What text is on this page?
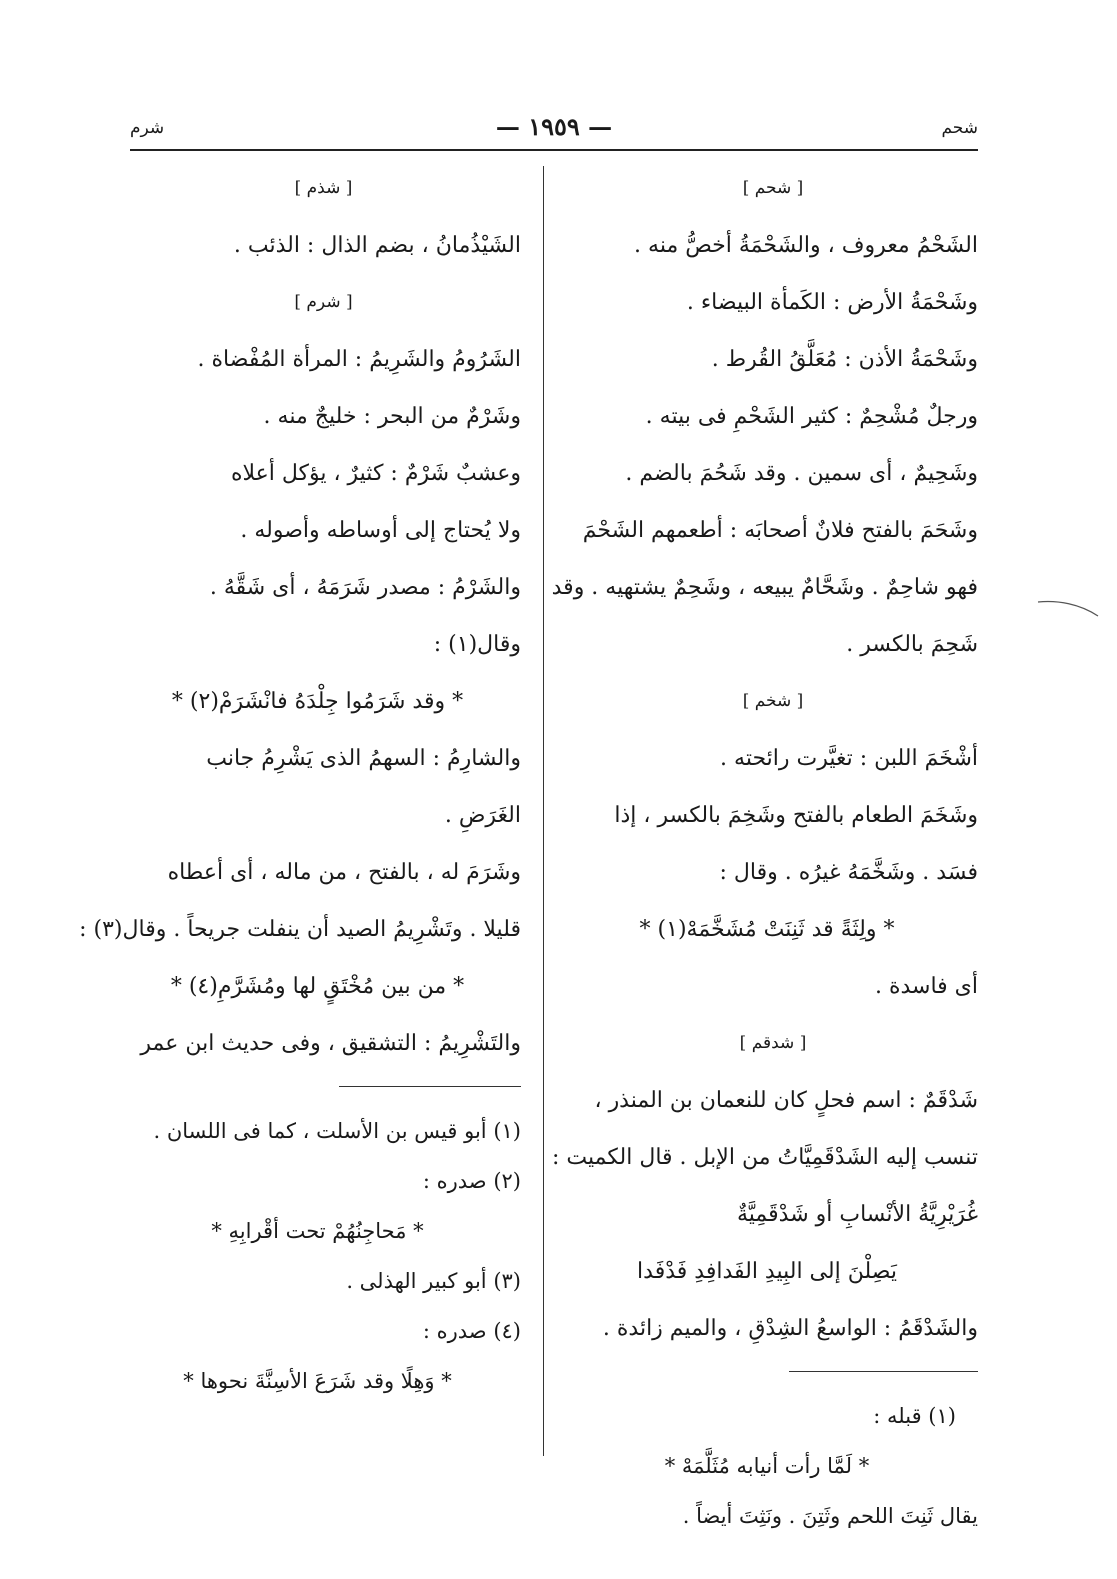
شحم
— ١٩٥٩ —
شرم

[ شحم ]

الشَحْمُ معروف ، والشَحْمَةُ أخصُّ منه .

وشَحْمَةُ الأرض : الكَمأة البيضاء .

وشَحْمَةُ الأذن : مُعَلَّقُ القُرط .

ورجلٌ مُشْحِمٌ : كثير الشَحْمِ فى بيته .

وشَحِيمٌ ، أى سمين . وقد شَحُمَ بالضم .

وشَحَمَ بالفتح فلانٌ أصحابَه : أطعمهم الشَحْمَ

فهو شاحِمٌ . وشَحَّامٌ يبيعه ، وشَحِمٌ يشتهيه . وقد

شَحِمَ بالكسر .

[ شخم ]

أشْخَمَ اللبن : تغيَّرت رائحته .

وشَخَمَ الطعام بالفتح وشَخِمَ بالكسر ، إذا

فسَد . وشَخَّمَهُ غيرُه . وقال :

* ولِثَةً قد ثَنِنَتْ مُشَخَّمَهْ(١) *

أى فاسدة .

[ شدقم ]

شَدْقَمٌ : اسم فحلٍ كان للنعمان بن المنذر ،

تنسب إليه الشَدْقَمِيَّاتُ من الإبل . قال الكميت :

غُرَيْرِيَّةُ الأنْسابِ أو شَدْقَمِيَّةٌ

يَصِلْنَ إلى البِيدِ الفَدافِدِ فَدْفَدا

والشَدْقَمُ : الواسعُ الشِدْقِ ، والميم زائدة .

(١) قبله :

* لَمَّا رأت أنيابه مُثَلَّمَهْ *

يقال ثَنِتَ اللحم وثَتِنَ . ونَثِتَ أيضاً .

[ شذم ]

الشَيْذُمانُ ، بضم الذال : الذئب .

[ شرم ]

الشَرُومُ والشَرِيمُ : المرأة المُفْضاة .

وشَرْمٌ من البحر : خليجٌ منه .

وعشبٌ شَرْمٌ : كثيرٌ ، يؤكل أعلاه

ولا يُحتاج إلى أوساطه وأصوله .

والشَرْمُ : مصدر شَرَمَهُ ، أى شَقَّهُ .

وقال(١) :

* وقد شَرَمُوا جِلْدَهُ فانْشَرَمْ(٢) *

والشارِمُ : السهمُ الذى يَشْرِمُ جانب

الغَرَضِ .

وشَرَمَ له ، بالفتح ، من ماله ، أى أعطاه

قليلا . وتَشْرِيمُ الصيد أن ينفلت جريحاً . وقال(٣) :

* من بين مُخْتَقٍ لها ومُشَرَّمِ(٤) *

والتَشْرِيمُ : التشقيق ، وفى حديث ابن عمر

(١) أبو قيس بن الأسلت ، كما فى اللسان .

(٢) صدره :

* مَحاجِنُهُمْ تحت أقْرابِهِ *

(٣) أبو كبير الهذلى .

(٤) صدره :

* وَهِلًا وقد شَرَعَ الأسِنَّةَ نحوها *
